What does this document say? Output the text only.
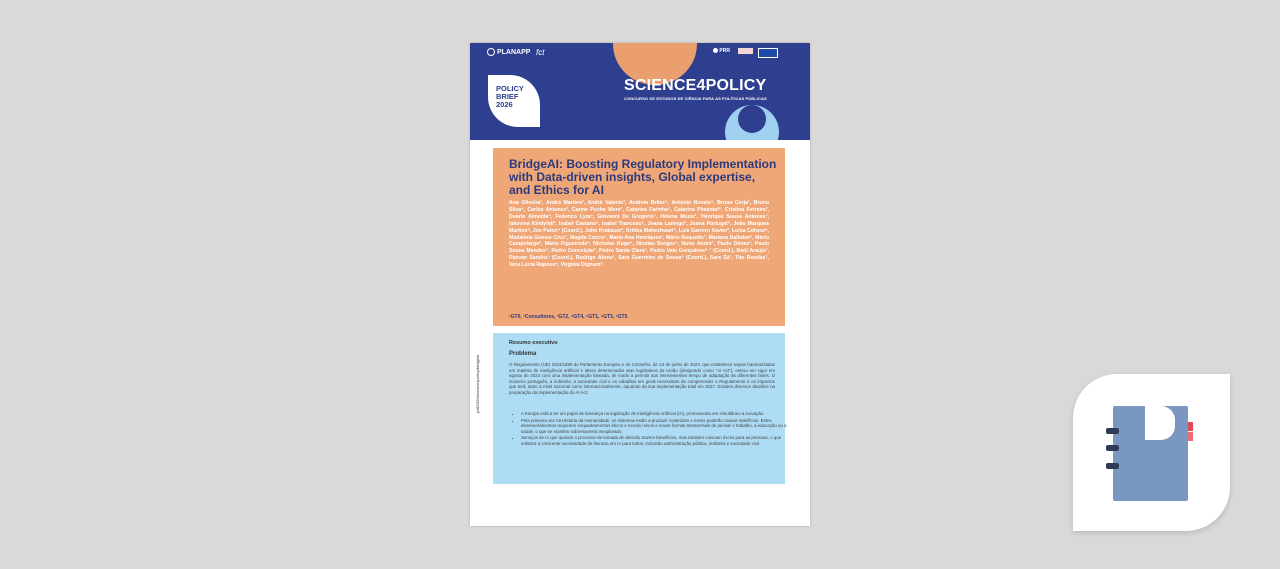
PLANAPP fct	PRR
POLICY
BRIEF
2026
SCIENCE4POLICY
CONCURSO DE ESTUDOS DE CIÊNCIA PARA AS POLÍTICAS PÚBLICAS
BridgeAI: Boosting Regulatory Implementation with Data-driven insights, Global expertise, and Ethics for AI
Ana Oliveira¹, André Martins², André Valente³, Andreia Britez⁴, António Novais⁵, Bruno Cerja¹, Bruno Silva⁴, Carlos Antunes², Carme Puche More³, Catarina Farinha⁵, Catarina Pimentel⁶, Cristina Ferreira³, Duarte Almeida⁴, Federico Lyra⁶, Giovanni De Gregorio⁷, Helena Moniz¹, Henrique Sousa Antunes⁷, Iakovina Kindylidi², Isabel Caetano⁵, Isabel Trancoso⁶, Joana Lamego², Joana Portugal⁶, João Marques Martins⁶, Joe Paton⁴ (Coord.), John Krakauer², Kritika Maheshwari⁶, Luís Garrero Xavier², Luísa Coheur⁶, Madalena Gomes Cruz⁷, Magda Cocco⁵, Maria Ana Henriques², Mário Roquette¹, Mariana Dalbdon², Mário Campolargo², Mário Figueiredo², Nicholas Kuge⁶, Nicolau Borges⁴, Nuno André¹, Paulo Dimas², Paulo Sousa Mendes⁶, Pedro Conceição², Pedro Santa Clara⁶, Pedro Vale Gonçalves⁶·⁷ (Coord.), Raúl Araújo¹, Razvan Sandru⁵ (Coord.), Rodrigo Abreu¹, Sara Guerreiro de Sousa⁶ (Coord.), Sara Sá¹, Tito Rendas⁷, Vera Lúcia Raposo⁶, Virgínia Dignum⁶.
¹GT0, ²Consultores, ³GT2, ⁴GT4, ⁵GT1, ⁶GT3, ⁷GT5
pdf/2026/science4policy/bridgeai
Resumo executivo
Problema
O Regulamento (UE) 2024/1689 do Parlamento Europeu e do Conselho, de 13 de junho de 2024, que estabelece regras harmonizadas em matéria de inteligência artificial e altera determinados atos legislativos da União (designado como "AI Act"), entrou em vigor em agosto de 2024 com uma implementação faseada, de modo a permitir aos intervenientes tempo de adaptação às diferentes fases. O Governo português, a indústria, a sociedade civil e os cidadãos em geral necessitam de compreender o Regulamento e os impactos que terá, tanto a nível nacional como internacionalmente, aquando da sua implementação total em 2027. Existem diversos desafios na preparação da implementação do AI Act:
• A Europa está a ter um papel de liderança na legislação de Inteligência Artificial (IA), promovendo em simultâneo a inovação.
• Pela primeira vez na História da Humanidade, os sistemas estão a produzir conteúdos e esses poderão causar malefícios. Estes desenvolvimentos requerem enquadramentos éticos e morais novos e novas formas transversais de pensar o trabalho, a educação ou a saúde, o que se mantém sobremaneira inexplorado.
• Serviços de IA que apoiam o processo de tomada de decisão trazem benefícios, mas também colocam riscos para as pessoas, o que enfatiza a crescente necessidade de literacia em IA para todos, incluindo administração pública, indústria e sociedade civil.
